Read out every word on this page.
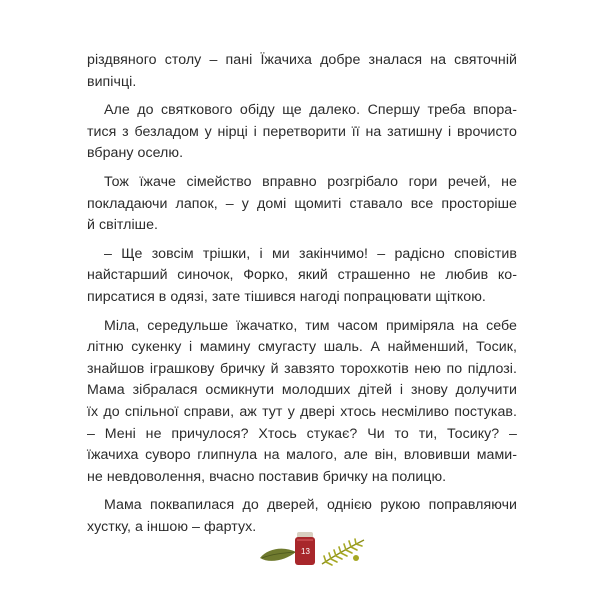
різдвяного столу – пані Їжачиха добре зналася на святочній
випічці.
Але до святкового обіду ще далеко. Спершу треба впора-
тися з безладом у нірці і перетворити її на затишну і врочисто
вбрану оселю.
Тож їжаче сімейство вправно розгрібало гори речей, не
покладаючи лапок, – у домі щомиті ставало все просторіше
й світліше.
– Ще зовсім трішки, і ми закінчимо! – радісно сповістив
найстарший синочок, Форко, який страшенно не любив ко-
пирсатися в одязі, зате тішився нагоді попрацювати щіткою.
Міла, середульше їжачатко, тим часом приміряла на себе
літню сукенку і мамину смугасту шаль. А найменший, Тосик,
знайшов іграшкову бричку й завзято торохкотів нею по підлозі.
Мама зібралася осмикнути молодших дітей і знову долучити
їх до спільної справи, аж тут у двері хтось несміливо постукав.
– Мені не причулося? Хтось стукає? Чи то ти, Тосику? –
їжачиха суворо глипнула на малого, але він, вловивши мами-
не невдоволення, вчасно поставив бричку на полицю.
Мама поквапилася до дверей, однією рукою поправляючи
хустку, а іншою – фартух.
13
